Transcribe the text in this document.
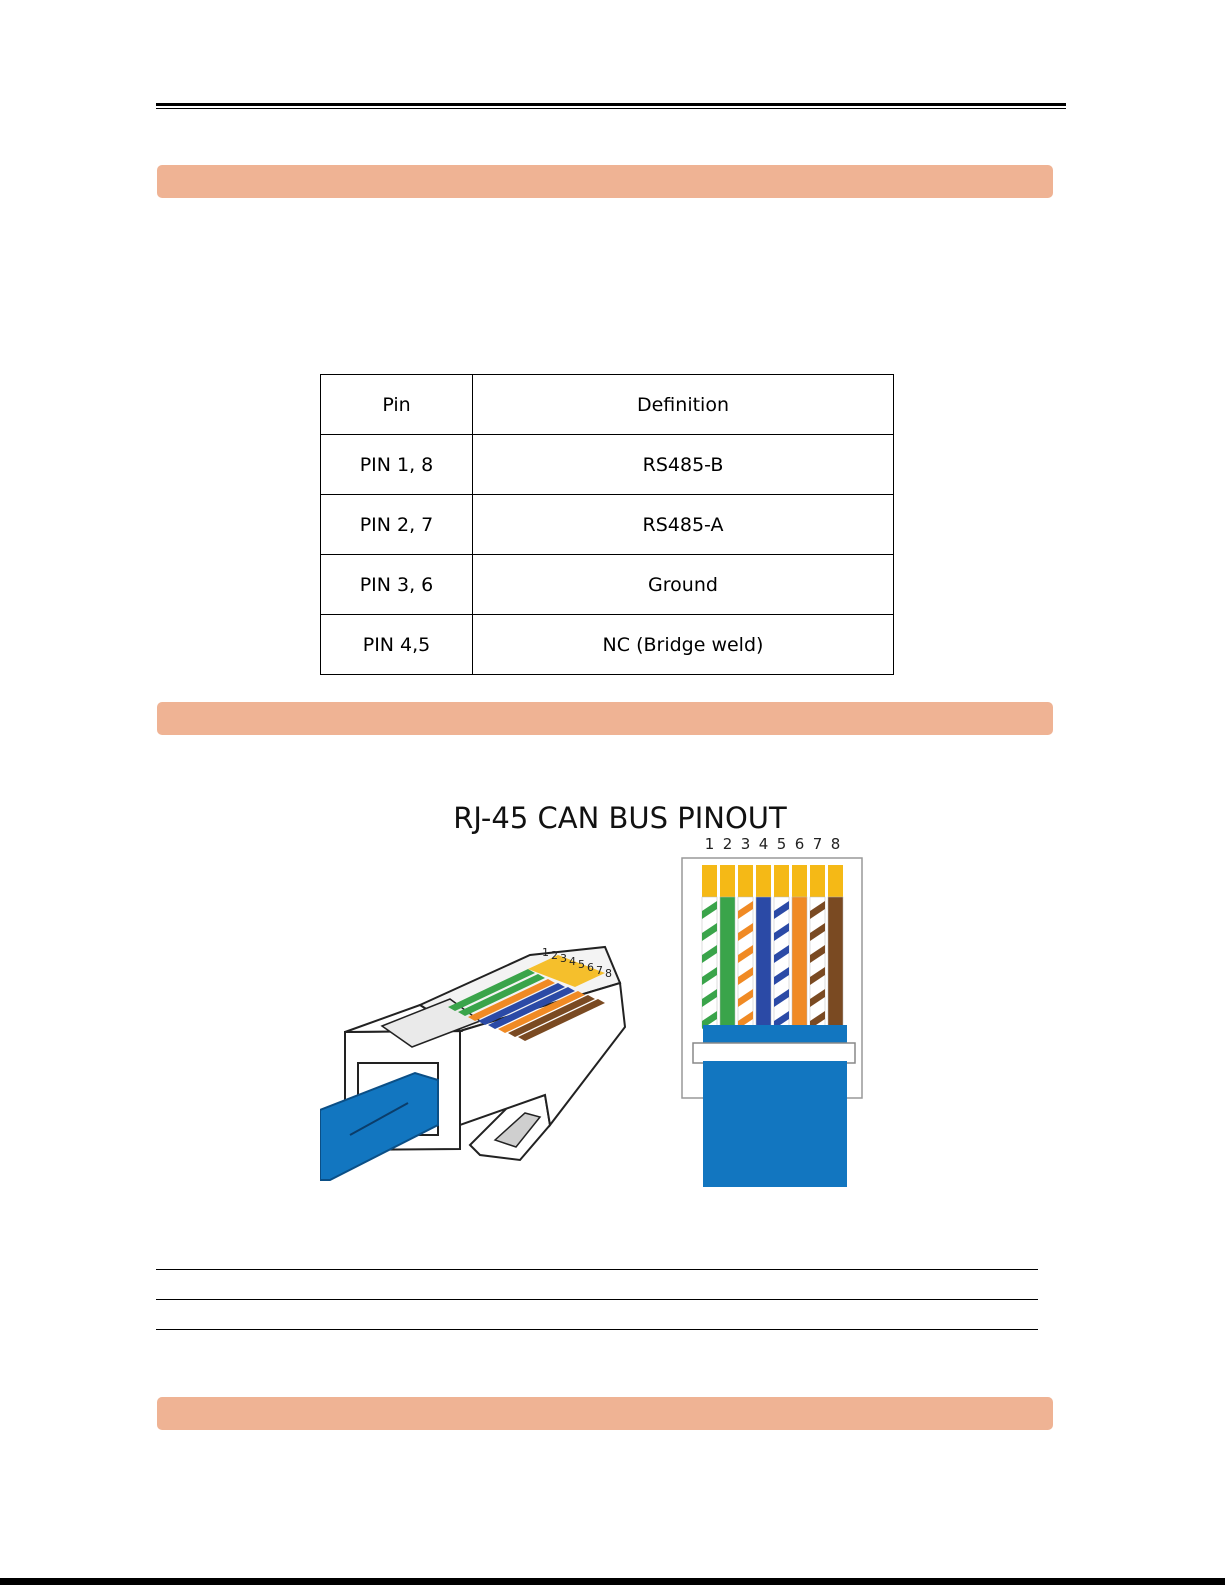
Pin	Definition
PIN 1, 8	RS485-B
PIN 2, 7	RS485-A
PIN 3, 6	Ground
PIN 4,5	NC (Bridge weld)
RJ-45 CAN BUS PINOUT
1 2 3 4 5 6 7 8
1 2 3 4 5 6 7 8
